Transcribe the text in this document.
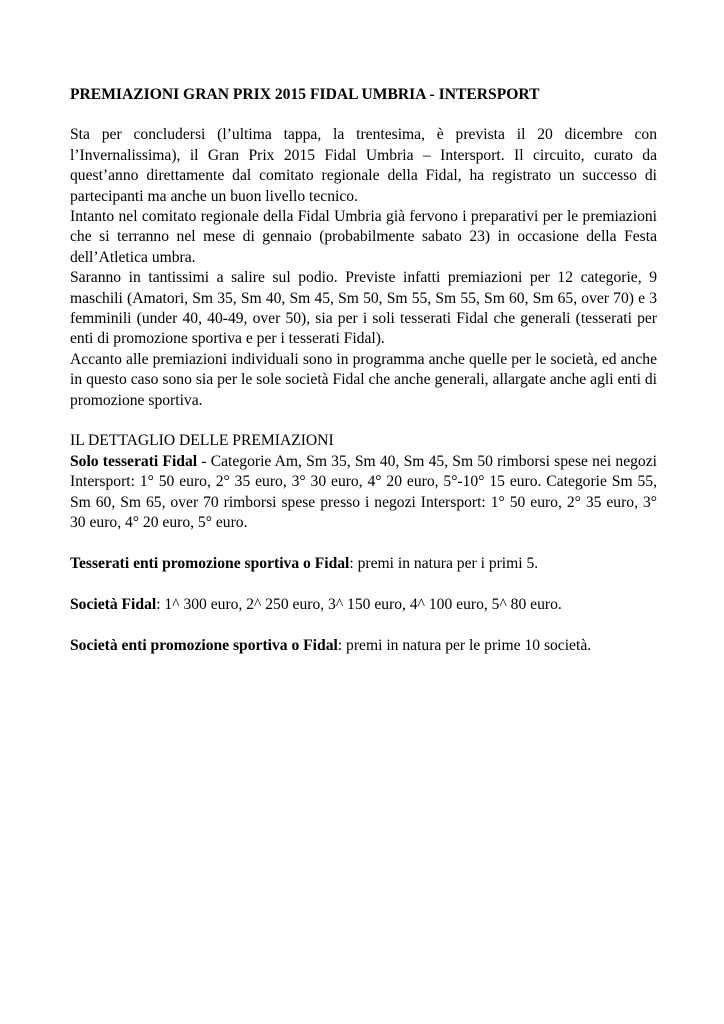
PREMIAZIONI GRAN PRIX 2015 FIDAL UMBRIA - INTERSPORT

Sta per concludersi (l’ultima tappa, la trentesima, è prevista il 20 dicembre con l’Invernalissima), il Gran Prix 2015 Fidal Umbria – Intersport. Il circuito, curato da quest’anno direttamente dal comitato regionale della Fidal, ha registrato un successo di partecipanti ma anche un buon livello tecnico.

Intanto nel comitato regionale della Fidal Umbria già fervono i preparativi per le premiazioni che si terranno nel mese di gennaio (probabilmente sabato 23) in occasione della Festa dell’Atletica umbra.

Saranno in tantissimi a salire sul podio. Previste infatti premiazioni per 12 categorie, 9 maschili (Amatori, Sm 35, Sm 40, Sm 45, Sm 50, Sm 55, Sm 55, Sm 60, Sm 65, over 70) e 3 femminili (under 40, 40-49, over 50), sia per i soli tesserati Fidal che generali (tesserati per enti di promozione sportiva e per i tesserati Fidal).

Accanto alle premiazioni individuali sono in programma anche quelle per le società, ed anche in questo caso sono sia per le sole società Fidal che anche generali, allargate anche agli enti di promozione sportiva.

IL DETTAGLIO DELLE PREMIAZIONI

Solo tesserati Fidal - Categorie Am, Sm 35, Sm 40, Sm 45, Sm 50 rimborsi spese nei negozi Intersport: 1° 50 euro, 2° 35 euro, 3° 30 euro, 4° 20 euro, 5°-10° 15 euro. Categorie Sm 55, Sm 60, Sm 65, over 70 rimborsi spese presso i negozi Intersport: 1° 50 euro, 2° 35 euro, 3° 30 euro, 4° 20 euro, 5° euro.

Tesserati enti promozione sportiva o Fidal: premi in natura per i primi 5.

Società Fidal: 1^ 300 euro, 2^ 250 euro, 3^ 150 euro, 4^ 100 euro, 5^ 80 euro.

Società enti promozione sportiva o Fidal: premi in natura per le prime 10 società.
